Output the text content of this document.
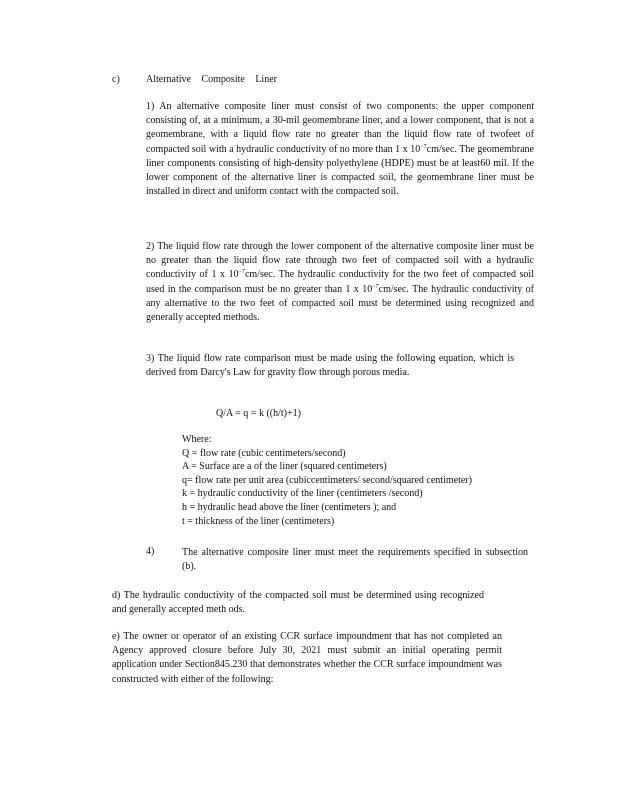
c)	Alternative Composite Liner
1) An alternative composite liner must consist of two components: the upper component consisting of, at a minimum, a 30-mil geomembrane liner, and a lower component, that is not a geomembrane, with a liquid flow rate no greater than the liquid flow rate of twofeet of compacted soil with a hydraulic conductivity of no more than 1 x $10^{-7}cm/\sec$. The geomembrane liner components consisting of high-density polyethylene (HDPE) must be at least60 mil. If the lower component of the alternative liner is compacted soil, the geomembrane liner must be installed in direct and uniform contact with the compacted soil.
2) The liquid flow rate through the lower component of the alternative composite liner must be no greater than the liquid flow rate through two feet of compacted soil with a hydraulic conductivity of 1 x $10^{-7}cm/\sec$. The hydraulic conductivity for the two feet of compacted soil used in the comparison must be no greater than 1 x $10^{-7}cm/\sec$. The hydraulic conductivity of any alternative to the two feet of compacted soil must be determined using recognized and generally accepted methods.
3) The liquid flow rate comparison must be made using the following equation, which is derived from Darcy's Law for gravity flow through porous media.
Q/A = q = k ((h/t)+1)
Where:
Q = flow rate (cubic centimeters/second)
A = Surface are a of the liner (squared centimeters)
q= flow rate per unit area (cubiccentimeters/ second/squared centimeter)
k = hydraulic conductivity of the liner (centimeters /second)
h = hydraulic head above the liner (centimeters ); and
t = thickness of the liner (centimeters)
4)	The alternative composite liner must meet the requirements specified in subsection (b).
d) The hydraulic conductivity of the compacted soil must be determined using recognized and generally accepted meth ods.
e) The owner or operator of an existing CCR surface impoundment that has not completed an Agency approved closure before July 30, 2021 must submit an initial operating permit application under Section845.230 that demonstrates whether the CCR surface impoundment was constructed with either of the following:
